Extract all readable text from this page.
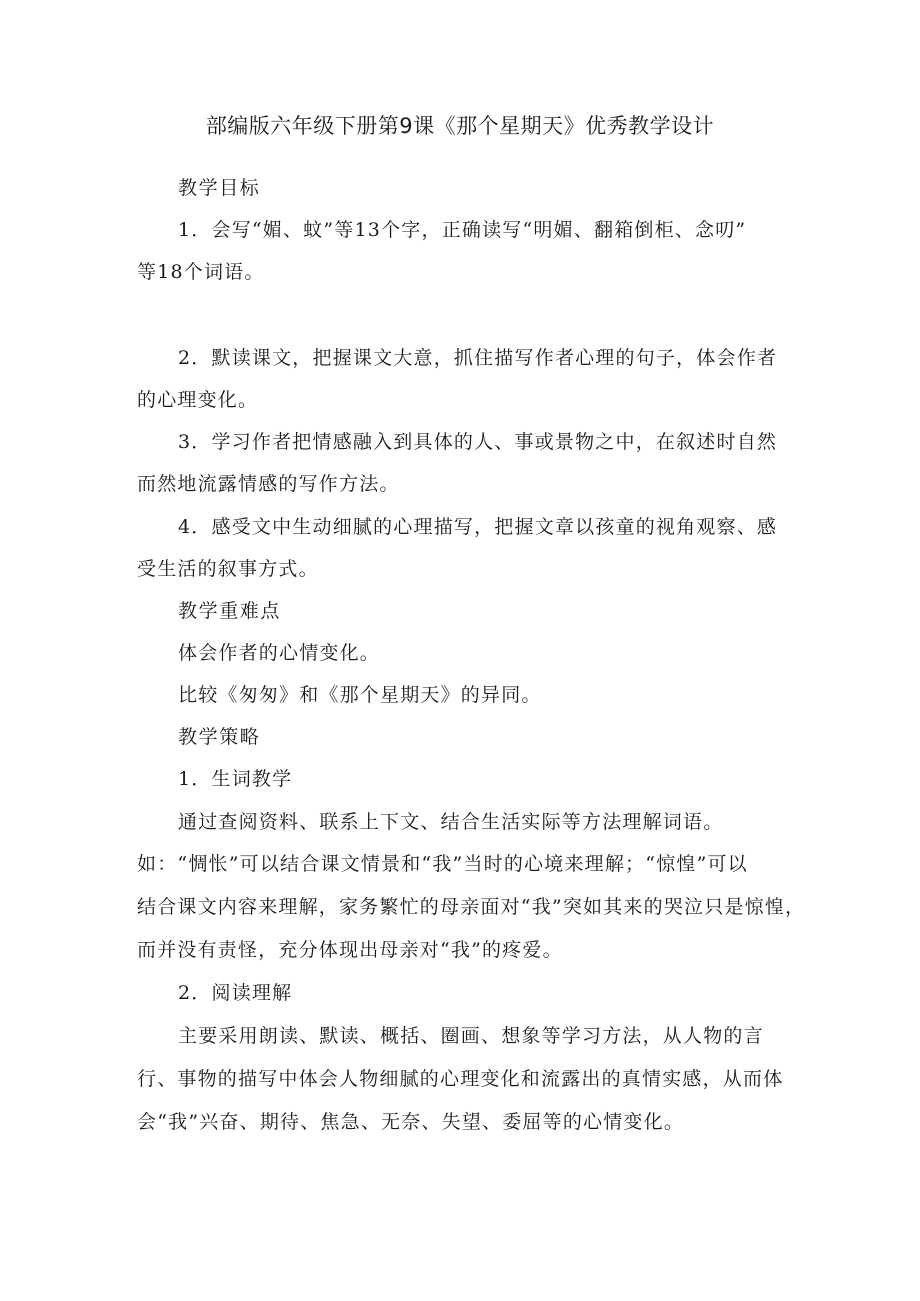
部编版六年级下册第9课《那个星期天》优秀教学设计
教学目标
1．会写“媚、蚊”等13个字，正确读写“明媚、翻箱倒柜、念叨”
等18个词语。
2．默读课文，把握课文大意，抓住描写作者心理的句子，体会作者
的心理变化。
3．学习作者把情感融入到具体的人、事或景物之中，在叙述时自然
而然地流露情感的写作方法。
4．感受文中生动细腻的心理描写，把握文章以孩童的视角观察、感
受生活的叙事方式。
教学重难点
体会作者的心情变化。
比较《匆匆》和《那个星期天》的异同。
教学策略
1．生词教学
通过查阅资料、联系上下文、结合生活实际等方法理解词语。
如：“惆怅”可以结合课文情景和“我”当时的心境来理解；“惊惶”可以
结合课文内容来理解，家务繁忙的母亲面对“我”突如其来的哭泣只是惊惶，
而并没有责怪，充分体现出母亲对“我”的疼爱。
2．阅读理解
主要采用朗读、默读、概括、圈画、想象等学习方法，从人物的言
行、事物的描写中体会人物细腻的心理变化和流露出的真情实感，从而体
会“我”兴奋、期待、焦急、无奈、失望、委屈等的心情变化。
